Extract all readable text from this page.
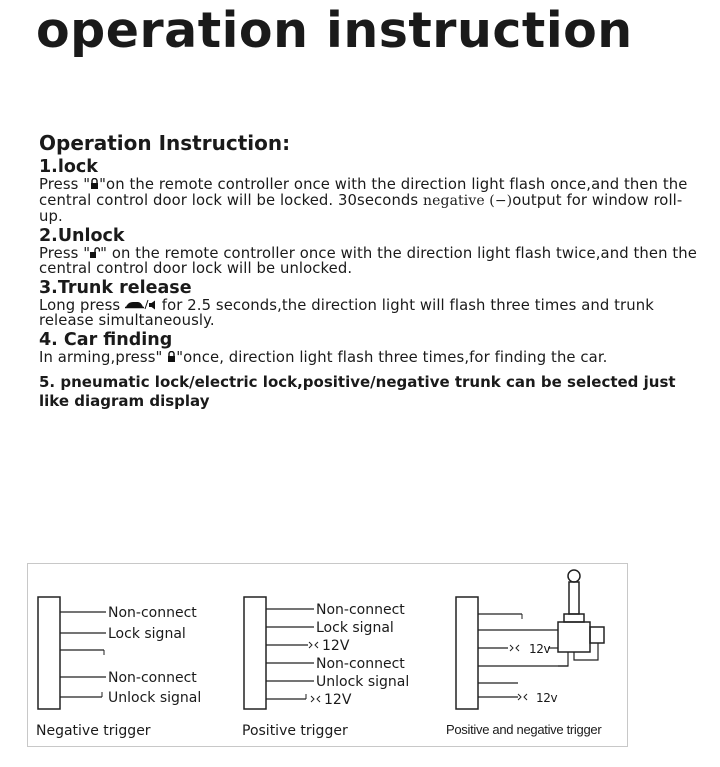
operation instruction
Operation Instruction:
1.lock
Press " "on the remote controller once with the direction light flash once,and then the central control door lock will be locked. 30seconds negative (−)output for window roll-up.
2.Unlock
Press " " on the remote controller once with the direction light flash twice,and then the central control door lock will be unlocked.
3.Trunk release
Long press  for 2.5 seconds,the direction light will flash three times and trunk release simultaneously.
4. Car finding
In arming,press" "once, direction light flash three times,for finding the car.
5. pneumatic lock/electric lock,positive/negative trunk can be selected just like diagram display
Non-connect
Lock signal
Non-connect
Unlock signal
Negative trigger
Non-connect
Lock signal
12V
Non-connect
Unlock signal
12V
Positive trigger
12v
12v
Positive and negative trigger
